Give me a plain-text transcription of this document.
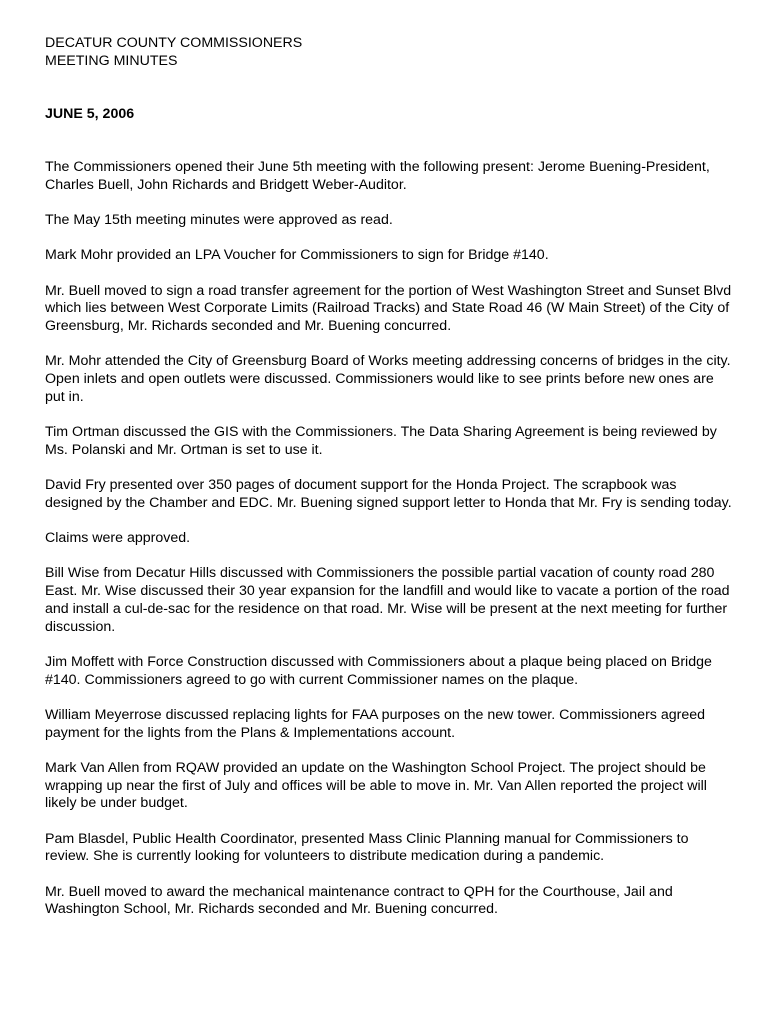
DECATUR COUNTY COMMISSIONERS
MEETING MINUTES
JUNE 5, 2006

The Commissioners opened their June 5th meeting with the following present: Jerome Buening-President, Charles Buell, John Richards and Bridgett Weber-Auditor.

The May 15th meeting minutes were approved as read.

Mark Mohr provided an LPA Voucher for Commissioners to sign for Bridge #140.

Mr. Buell moved to sign a road transfer agreement for the portion of West Washington Street and Sunset Blvd which lies between West Corporate Limits (Railroad Tracks) and State Road 46 (W Main Street) of the City of Greensburg, Mr. Richards seconded and Mr. Buening concurred.

Mr. Mohr attended the City of Greensburg Board of Works meeting addressing concerns of bridges in the city. Open inlets and open outlets were discussed. Commissioners would like to see prints before new ones are put in.

Tim Ortman discussed the GIS with the Commissioners. The Data Sharing Agreement is being reviewed by Ms. Polanski and Mr. Ortman is set to use it.

David Fry presented over 350 pages of document support for the Honda Project. The scrapbook was designed by the Chamber and EDC. Mr. Buening signed support letter to Honda that Mr. Fry is sending today.

Claims were approved.

Bill Wise from Decatur Hills discussed with Commissioners the possible partial vacation of county road 280 East. Mr. Wise discussed their 30 year expansion for the landfill and would like to vacate a portion of the road and install a cul-de-sac for the residence on that road. Mr. Wise will be present at the next meeting for further discussion.

Jim Moffett with Force Construction discussed with Commissioners about a plaque being placed on Bridge #140. Commissioners agreed to go with current Commissioner names on the plaque.

William Meyerrose discussed replacing lights for FAA purposes on the new tower. Commissioners agreed payment for the lights from the Plans & Implementations account.

Mark Van Allen from RQAW provided an update on the Washington School Project. The project should be wrapping up near the first of July and offices will be able to move in. Mr. Van Allen reported the project will likely be under budget.

Pam Blasdel, Public Health Coordinator, presented Mass Clinic Planning manual for Commissioners to review. She is currently looking for volunteers to distribute medication during a pandemic.

Mr. Buell moved to award the mechanical maintenance contract to QPH for the Courthouse, Jail and Washington School, Mr. Richards seconded and Mr. Buening concurred.
